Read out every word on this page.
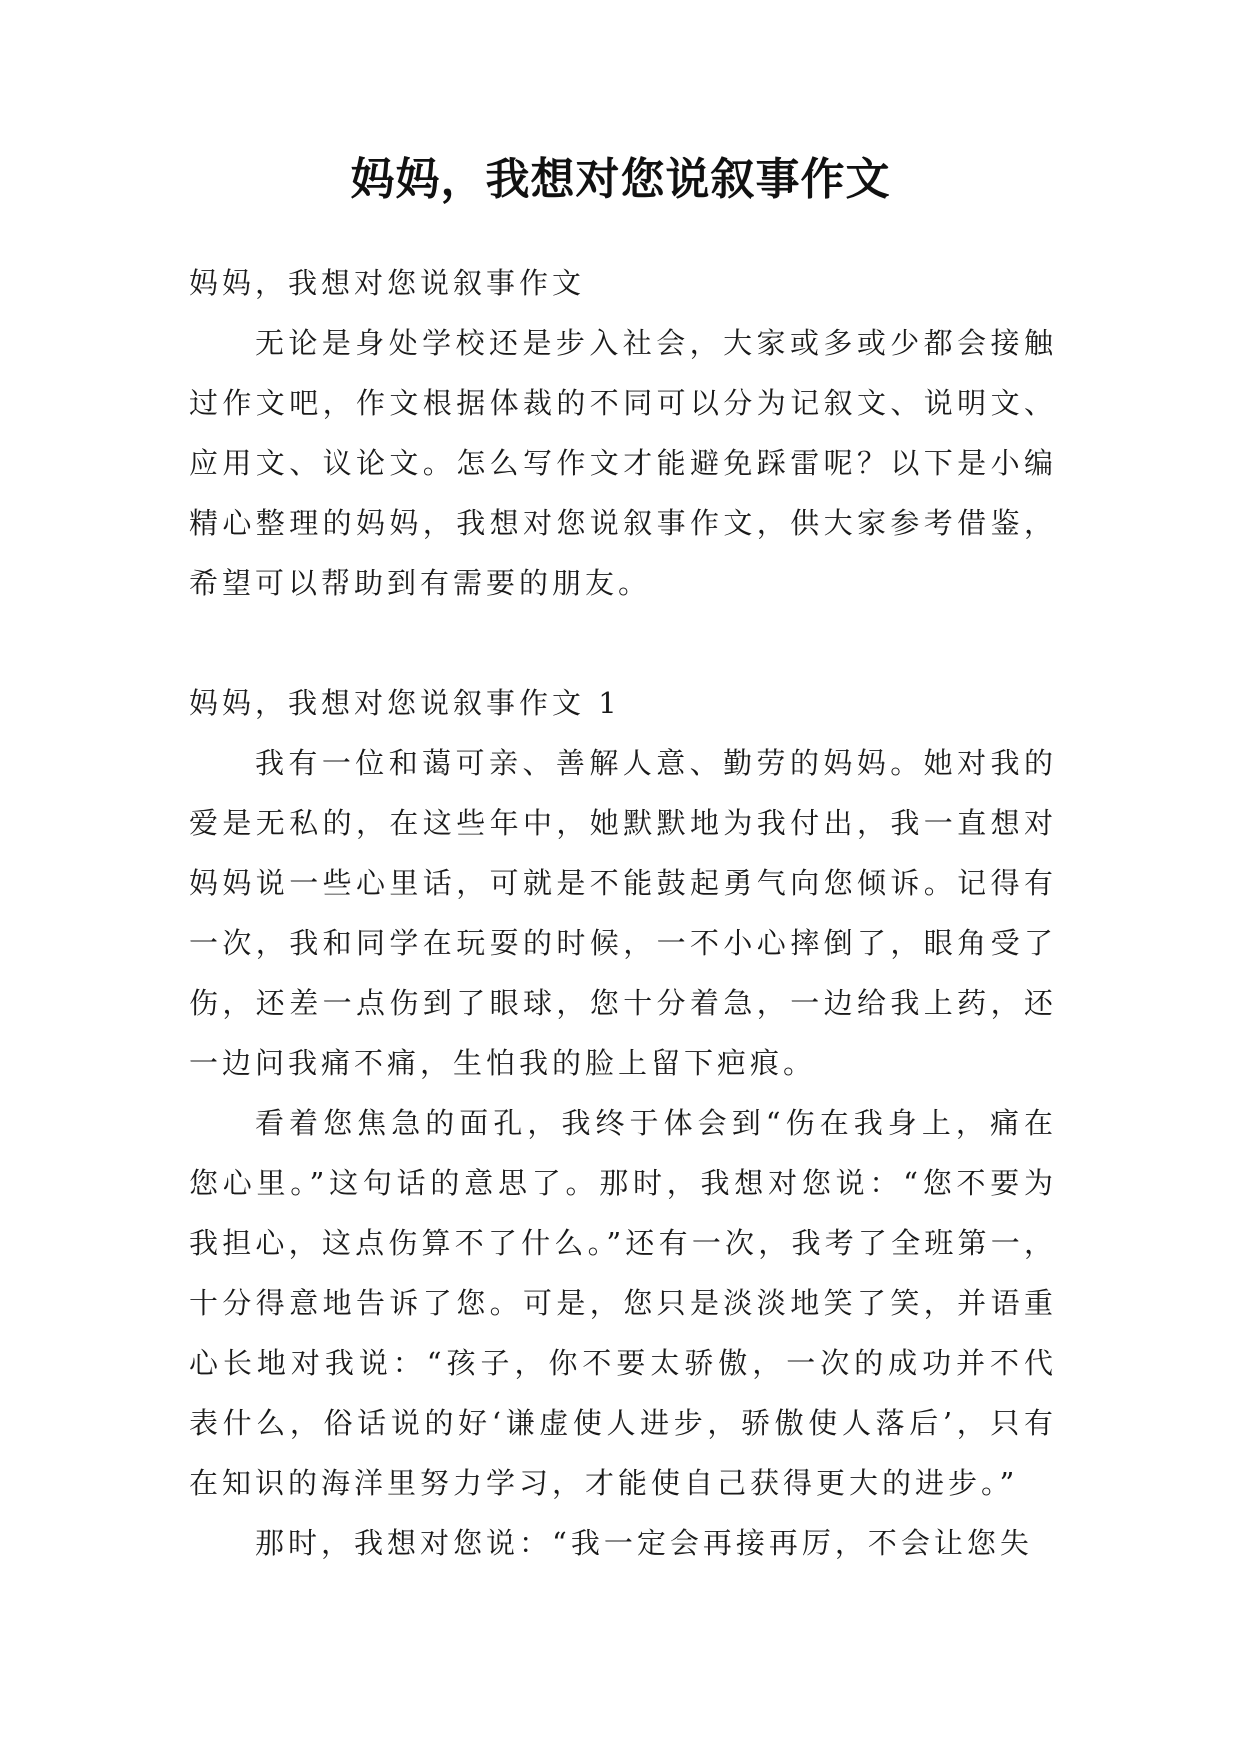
妈妈，我想对您说叙事作文

妈妈，我想对您说叙事作文

无论是身处学校还是步入社会，大家或多或少都会接触过作文吧，作文根据体裁的不同可以分为记叙文、说明文、应用文、议论文。怎么写作文才能避免踩雷呢？以下是小编精心整理的妈妈，我想对您说叙事作文，供大家参考借鉴，希望可以帮助到有需要的朋友。

妈妈，我想对您说叙事作文 1

我有一位和蔼可亲、善解人意、勤劳的妈妈。她对我的爱是无私的，在这些年中，她默默地为我付出，我一直想对妈妈说一些心里话，可就是不能鼓起勇气向您倾诉。记得有一次，我和同学在玩耍的时候，一不小心摔倒了，眼角受了伤，还差一点伤到了眼球，您十分着急，一边给我上药，还一边问我痛不痛，生怕我的脸上留下疤痕。

看着您焦急的面孔，我终于体会到“伤在我身上，痛在您心里。”这句话的意思了。那时，我想对您说：“您不要为我担心，这点伤算不了什么。”还有一次，我考了全班第一，十分得意地告诉了您。可是，您只是淡淡地笑了笑，并语重心长地对我说：“孩子，你不要太骄傲，一次的成功并不代表什么，俗话说的好‘谦虚使人进步，骄傲使人落后’，只有在知识的海洋里努力学习，才能使自己获得更大的进步。”

那时，我想对您说：“我一定会再接再厉，不会让您失
